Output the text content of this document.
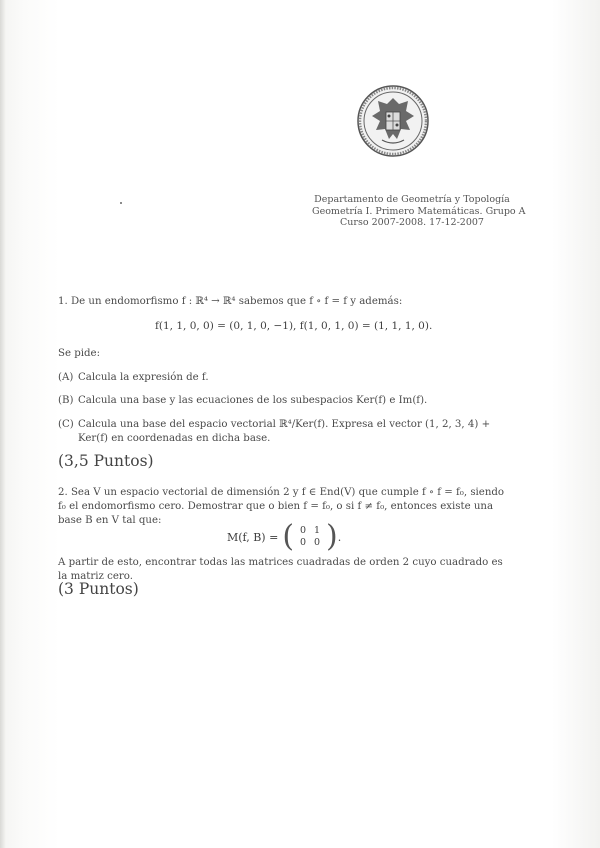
Departamento de Geometría y Topología
Geometría I. Primero Matemáticas. Grupo A
Curso 2007-2008. 17-12-2007
1. De un endomorfismo f : ℝ⁴ → ℝ⁴ sabemos que f ∘ f = f y además:
f(1, 1, 0, 0) = (0, 1, 0, −1), f(1, 0, 1, 0) = (1, 1, 1, 0).
Se pide:
(A) Calcula la expresión de f.
(B) Calcula una base y las ecuaciones de los subespacios Ker(f) e Im(f).
(C) Calcula una base del espacio vectorial ℝ⁴/Ker(f). Expresa el vector (1, 2, 3, 4) + Ker(f) en coordenadas en dicha base.
(3,5 Puntos)
2. Sea V un espacio vectorial de dimensión 2 y f ∈ End(V) que cumple f ∘ f = f₀, siendo f₀ el endomorfismo cero. Demostrar que o bien f = f₀, o si f ≠ f₀, entonces existe una base B en V tal que:
M(f, B) = ( 0 1
0 0 ) .
A partir de esto, encontrar todas las matrices cuadradas de orden 2 cuyo cuadrado es la matriz cero.
(3 Puntos)
